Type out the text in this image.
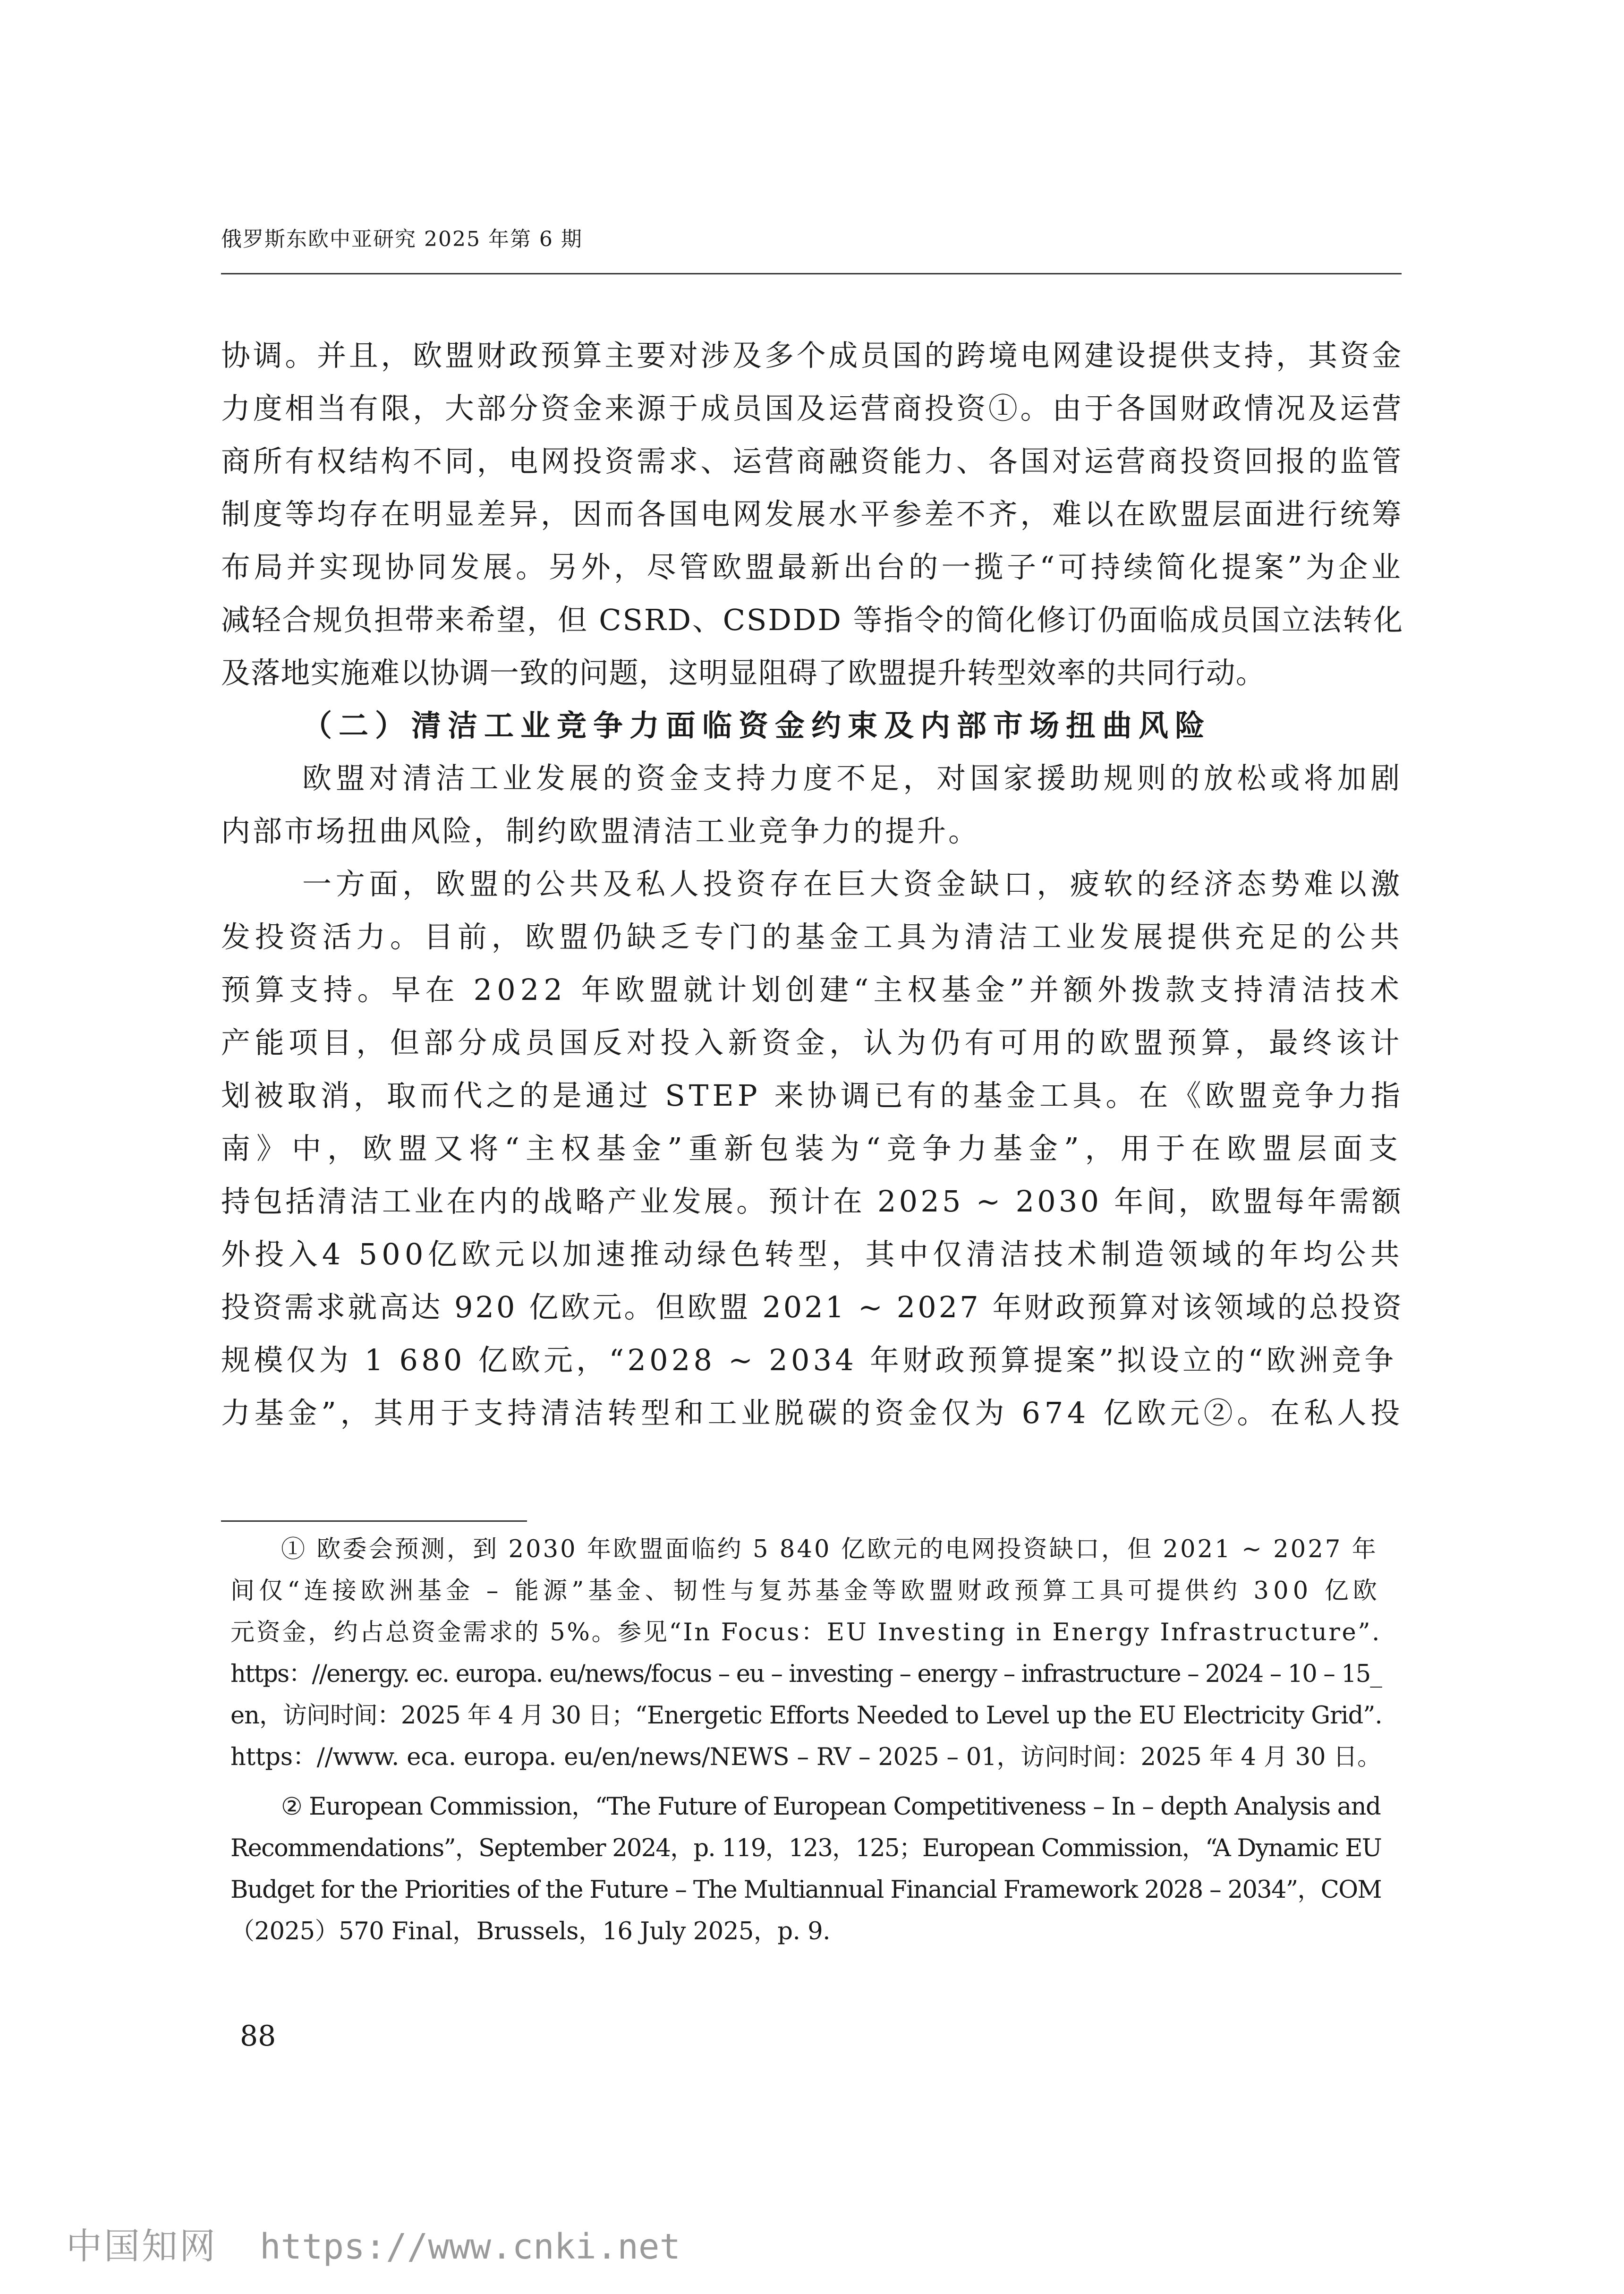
俄罗斯东欧中亚研究 2025 年第 6 期
协调。并且，欧盟财政预算主要对涉及多个成员国的跨境电网建设提供支持，其资金
力度相当有限，大部分资金来源于成员国及运营商投资①。由于各国财政情况及运营
商所有权结构不同，电网投资需求、运营商融资能力、各国对运营商投资回报的监管
制度等均存在明显差异，因而各国电网发展水平参差不齐，难以在欧盟层面进行统筹
布局并实现协同发展。另外，尽管欧盟最新出台的一揽子“可持续简化提案”为企业
减轻合规负担带来希望，但 CSRD、CSDDD 等指令的简化修订仍面临成员国立法转化
及落地实施难以协调一致的问题，这明显阻碍了欧盟提升转型效率的共同行动。
（二）清洁工业竞争力面临资金约束及内部市场扭曲风险
欧盟对清洁工业发展的资金支持力度不足，对国家援助规则的放松或将加剧
内部市场扭曲风险，制约欧盟清洁工业竞争力的提升。
一方面，欧盟的公共及私人投资存在巨大资金缺口，疲软的经济态势难以激
发投资活力。目前，欧盟仍缺乏专门的基金工具为清洁工业发展提供充足的公共
预算支持。早在 2022 年欧盟就计划创建“主权基金”并额外拨款支持清洁技术
产能项目，但部分成员国反对投入新资金，认为仍有可用的欧盟预算，最终该计
划被取消，取而代之的是通过 STEP 来协调已有的基金工具。在《欧盟竞争力指
南》中，欧盟又将“主权基金”重新包装为“竞争力基金”，用于在欧盟层面支
持包括清洁工业在内的战略产业发展。预计在 2025 ~ 2030 年间，欧盟每年需额
外投入4 500亿欧元以加速推动绿色转型，其中仅清洁技术制造领域的年均公共
投资需求就高达 920 亿欧元。但欧盟 2021 ~ 2027 年财政预算对该领域的总投资
规模仅为 1 680 亿欧元，“2028 ~ 2034 年财政预算提案”拟设立的“欧洲竞争
力基金”，其用于支持清洁转型和工业脱碳的资金仅为 674 亿欧元②。在私人投
① 欧委会预测，到 2030 年欧盟面临约 5 840 亿欧元的电网投资缺口，但 2021 ~ 2027 年
间仅“连接欧洲基金 – 能源”基金、韧性与复苏基金等欧盟财政预算工具可提供约 300 亿欧
元资金，约占总资金需求的 5%。参见“In Focus：EU Investing in Energy Infrastructure”.
https：//energy. ec. europa. eu/news/focus – eu – investing – energy – infrastructure – 2024 – 10 – 15_
en，访问时间：2025 年 4 月 30 日；“Energetic Efforts Needed to Level up the EU Electricity Grid”.
https：//www. eca. europa. eu/en/news/NEWS – RV – 2025 – 01，访问时间：2025 年 4 月 30 日。
② European Commission，“The Future of European Competitiveness – In – depth Analysis and
Recommendations”，September 2024，p. 119，123，125；European Commission，“A Dynamic EU
Budget for the Priorities of the Future – The Multiannual Financial Framework 2028 – 2034”，COM
（2025）570 Final，Brussels，16 July 2025，p. 9.
88
中国知网 https://www.cnki.net
